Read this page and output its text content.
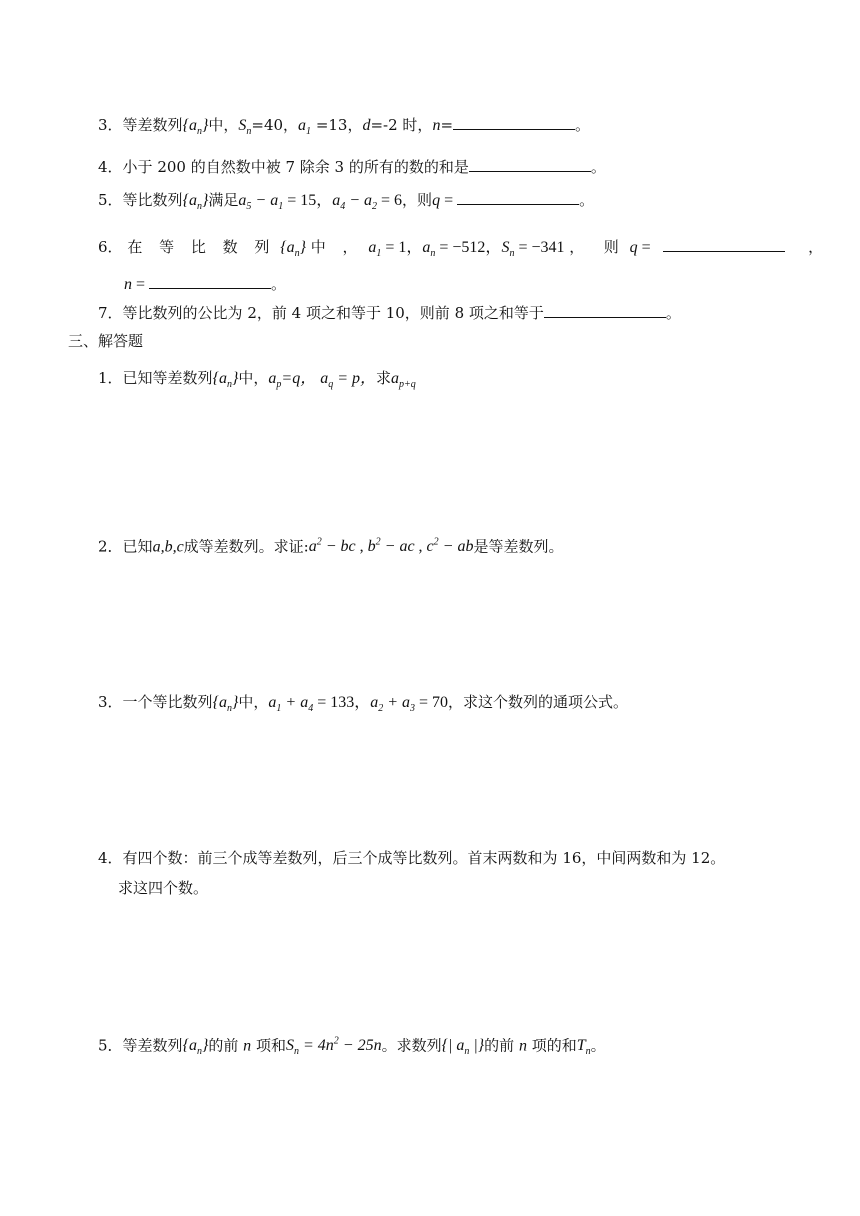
3．等差数列$\{a_n\}$中，$S_n=40$，$a_1 =13$，d=-2 时，n=	。
4．小于 200 的自然数中被 7 除余 3 的所有的数的和是	。
5．等比数列$\{a_n\}$满足$a_5 - a_1 = 15$，$a_4 - a_2 = 6$，则q =	。
6． 在 等 比 数 列 $\{a_n\}$ 中 ， $a_1 = 1$，$a_n = -512$，$S_n = -341$ ，　则 q =	，
n =	。
7．等比数列的公比为 2，前 4 项之和等于 10，则前 8 项之和等于	。
三、解答题
1．已知等差数列$\{a_n\}$中，$a_p=q$， $a_q = p$，求$a_{p+q}$
2．已知a,b,c成等差数列。求证$:a^2$ − bc , $b^2$ − ac , $c^2$ − ab是等差数列。
3．一个等比数列$\{a_n\}$中，$a_1 + a_4 = 133$，$a_2 + a_3 = 70$，求这个数列的通项公式。
4．有四个数：前三个成等差数列，后三个成等比数列。首末两数和为 16，中间两数和为 12。
求这四个数。
5．等差数列$\{a_n\}$的前 n 项和$S_n = 4n^2 - 25n$。求数列{| $a_n$ |}的前 n 项的和$T_n$。
